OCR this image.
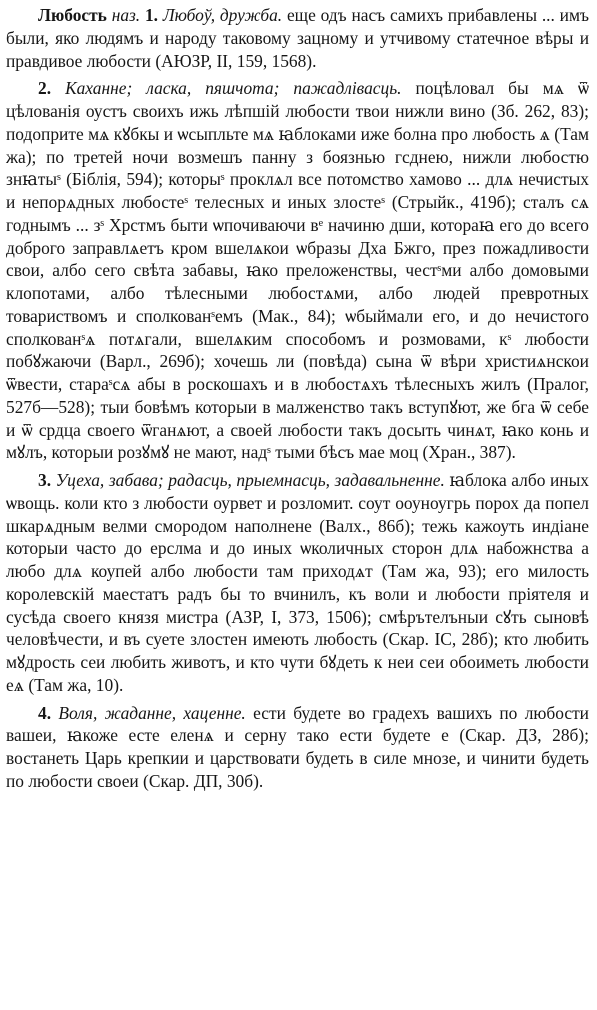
Любость наз. 1. Любоў, дружба. еще одъ насъ самихъ прибавлены ... имъ были, яко людямъ и народу таковому зацному и утчивому статечное вѣры и правдивое любости (АЮЗР, II, 159, 1568).

2. Каханне; ласка, пяшчота; пажадлівасць. поцѣловал бы мѧ ѿ цѣлованія оустъ своихъ ижь лѣпшій любости твои нижли вино (Зб. 262, 83); подоприте мѧ кꙋбкы и ѡсыпльте мѧ ꙗблоками иже болна про любость ѧ (Там жа); по третей ночи возмешъ панну з боязнью гсднею, нижли любостю знꙗтыˢ (Біблія, 594); которыˢ проклѧл все потомство хамово ... длѧ нечистых и непорѧдных любостеˢ телесных и иных злостеˢ (Стрыйк., 419б); сталъ сѧ годнымъ ... зˢ Хрстмъ быти ѡпочиваючи вᵉ начиню дши, котораꙗ его до всего доброго заправлѧетъ кром вшелѧкои ѡбразы Дха Бжго, през пожадливости свои, албо сего свѣта забавы, ꙗко преложенствы, честˢми албо домовыми клопотами, албо тѣлесными любостѧми, албо людей превротных товариствомъ и сполкованˢемъ (Мак., 84); ѡбыймали его, и до нечистого сполкованˢѧ потѧгали, вшелѧким способомъ и розмовами, кˢ любости побꙋжаючи (Варл., 269б); хочешь ли (повѣда) сына ѿ вѣри христиѧнскои ѿвести, стараˢсѧ абы в роскошахъ и в любостѧхъ тѣлесныхъ жилъ (Пралог, 527б—528); тыи бовѣмъ которыи в малженство такъ вступꙋют, же бга ѿ себе и ѿ срдца своего ѿганѧют, а своей любости такъ досыть чинѧт, ꙗко конь и мꙋлъ, которыи розꙋмꙋ не мают, надˢ тыми бѣсъ мае моц (Хран., 387).

3. Уцеха, забава; радасць, прыемнасць, задавальненне. ꙗблока албо иных ѡвощь. коли кто з любости оурвет и розломит. соут ооуноугрь порох да попел шкарѧдным велми смородом наполнене (Валх., 86б); тежь кажоуть индіане которыи часто до ерслма и до иных ѡколичных сторон длѧ набожнства а любо длѧ коупей албо любости там приходѧт (Там жа, 93); его милость королевскій маестатъ радъ бы то вчинилъ, къ воли и любости пріятеля и сусѣда своего князя мистра (АЗР, I, 373, 1506); смѣрътелъныи сꙋть сыновѣ человѣчести, и въ суете злостен имеють любость (Скар. IC, 28б); кто любить мꙋдрость сеи любить животъ, и кто чути бꙋдеть к неи сеи обоиметь любости еѧ (Там жа, 10).

4. Воля, жаданне, хаценне. ести будете во градехъ вашихъ по любости вашеи, ꙗкоже есте еленѧ и серну тако ести будете е (Скар. ДЗ, 28б); востанеть Царь крепкии и царствовати будеть в силе мнозе, и чинити будеть по любости своеи (Скар. ДП, 30б).
